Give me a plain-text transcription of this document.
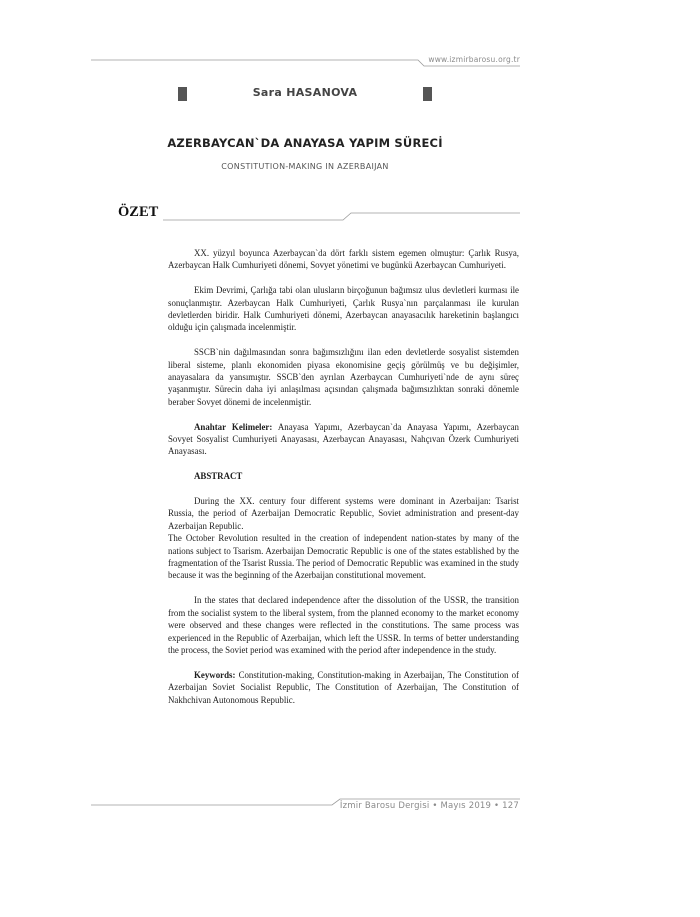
www.izmirbarosu.org.tr
Sara HASANOVA
AZERBAYCAN`DA ANAYASA YAPIM SÜRECİ
CONSTITUTION-MAKING IN AZERBAIJAN
ÖZET

XX. yüzyıl boyunca Azerbaycan`da dört farklı sistem egemen olmuştur: Çarlık Rusya, Azerbaycan Halk Cumhuriyeti dönemi, Sovyet yönetimi ve bugünkü Azerbaycan Cumhuriyeti.

Ekim Devrimi, Çarlığa tabi olan ulusların birçoğunun bağımsız ulus devletleri kurması ile sonuçlanmıştır. Azerbaycan Halk Cumhuriyeti, Çarlık Rusya`nın parçalanması ile kurulan devletlerden biridir. Halk Cumhuriyeti dönemi, Azerbaycan anayasacılık hareketinin başlangıcı olduğu için çalışmada incelenmiştir.

SSCB`nin dağılmasından sonra bağımsızlığını ilan eden devletlerde sosyalist sistemden liberal sisteme, planlı ekonomiden piyasa ekonomisine geçiş görülmüş ve bu değişimler, anayasalara da yansımıştır. SSCB`den ayrılan Azerbaycan Cumhuriyeti`nde de aynı süreç yaşanmıştır. Sürecin daha iyi anlaşılması açısından çalışmada bağımsızlıktan sonraki dönemle beraber Sovyet dönemi de incelenmiştir.

Anahtar Kelimeler: Anayasa Yapımı, Azerbaycan`da Anayasa Yapımı, Azerbaycan Sovyet Sosyalist Cumhuriyeti Anayasası, Azerbaycan Anayasası, Nahçıvan Özerk Cumhuriyeti Anayasası.

ABSTRACT

During the XX. century four different systems were dominant in Azerbaijan: Tsarist Russia, the period of Azerbaijan Democratic Republic, Soviet administration and present-day Azerbaijan Republic.

The October Revolution resulted in the creation of independent nation-states by many of the nations subject to Tsarism. Azerbaijan Democratic Republic is one of the states established by the fragmentation of the Tsarist Russia. The period of Democratic Republic was examined in the study because it was the beginning of the Azerbaijan constitutional movement.

In the states that declared independence after the dissolution of the USSR, the transition from the socialist system to the liberal system, from the planned economy to the market economy were observed and these changes were reflected in the constitutions. The same process was experienced in the Republic of Azerbaijan, which left the USSR. In terms of better understanding the process, the Soviet period was examined with the period after independence in the study.

Keywords: Constitution-making, Constitution-making in Azerbaijan, The Constitution of Azerbaijan Soviet Socialist Republic, The Constitution of Azerbaijan, The Constitution of Nakhchivan Autonomous Republic.

İzmir Barosu Dergisi • Mayıs 2019 • 127
